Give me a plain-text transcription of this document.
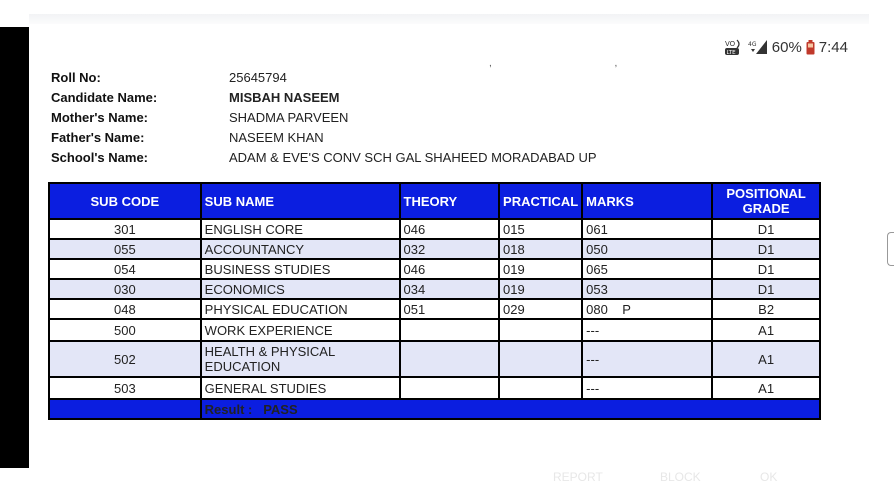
, ,
VO
LTE
4G 60% 7:44
Roll No:	25645794
Candidate Name:	MISBAH NASEEM
Mother's Name:	SHADMA PARVEEN
Father's Name:	NASEEM KHAN
School's Name:	ADAM & EVE'S CONV SCH GAL SHAHEED MORADABAD UP
SUB CODE	SUB NAME	THEORY	PRACTICAL	MARKS	POSITIONAL GRADE
301	ENGLISH CORE	046	015	061	D1
055	ACCOUNTANCY	032	018	050	D1
054	BUSINESS STUDIES	046	019	065	D1
030	ECONOMICS	034	019	053	D1
048	PHYSICAL EDUCATION	051	029	080    P	B2
500	WORK EXPERIENCE			---	A1
502	HEALTH & PHYSICAL EDUCATION			---	A1
503	GENERAL STUDIES			---	A1
	Result : PASS				
REPORT	BLOCK	OK
